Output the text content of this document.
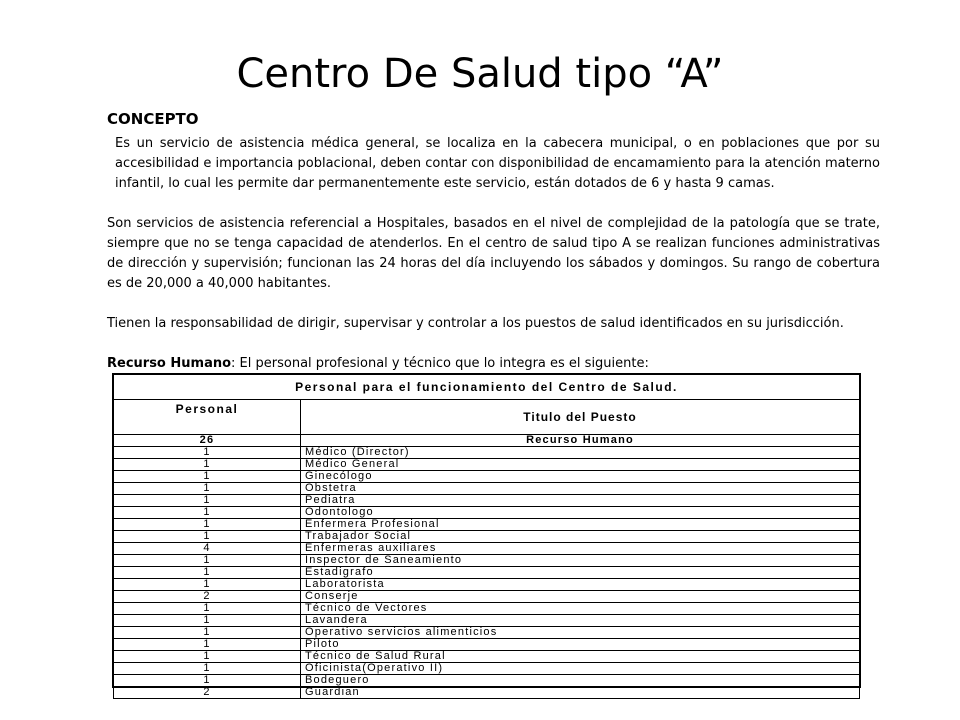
Centro De Salud tipo “A”
CONCEPTO

Es un servicio de asistencia médica general, se localiza en la cabecera municipal, o en poblaciones que por su accesibilidad e importancia poblacional, deben contar con disponibilidad de encamamiento para la atención materno infantil, lo cual les permite dar permanentemente este servicio, están dotados de 6 y hasta 9 camas.

Son servicios de asistencia referencial a Hospitales, basados en el nivel de complejidad de la patología que se trate, siempre que no se tenga capacidad de atenderlos. En el centro de salud tipo A se realizan funciones administrativas de dirección y supervisión; funcionan las 24 horas del día incluyendo los sábados y domingos. Su rango de cobertura es de 20,000 a 40,000 habitantes.

Tienen la responsabilidad de dirigir, supervisar y controlar a los puestos de salud identificados en su jurisdicción.

Recurso Humano: El personal profesional y técnico que lo integra es el siguiente:

Personal para el funcionamiento del Centro de Salud.	
Personal	Titulo del Puesto
26	Recurso Humano
1	Médico (Director)
1	Médico General
1	Ginecólogo
1	Obstetra
1	Pediatra
1	Odontologo
1	Enfermera Profesional
1	Trabajador Social
4	Enfermeras auxiliares
1	Inspector de Saneamiento
1	Estadigrafo
1	Laboratorista
2	Conserje
1	Técnico de Vectores
1	Lavandera
1	Operativo servicios alimenticios
1	Piloto
1	Técnico de Salud Rural
1	Oficinista(Operativo II)
1	Bodeguero
2	Guardian
